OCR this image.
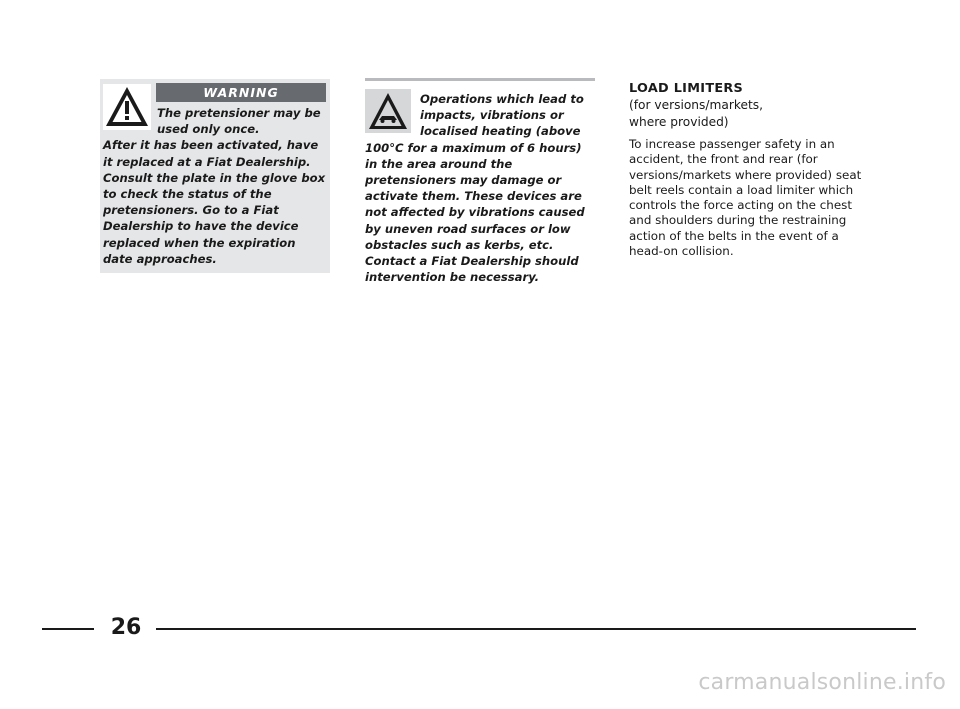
WARNING

The pretensioner may be used only once.
After it has been activated, have it replaced at a Fiat Dealership. Consult the plate in the glove box to check the status of the pretensioners. Go to a Fiat Dealership to have the device replaced when the expiration date approaches.

Operations which lead to impacts, vibrations or localised heating (above
100°C for a maximum of 6 hours) in the area around the pretensioners may damage or activate them. These devices are not affected by vibrations caused by uneven road surfaces or low obstacles such as kerbs, etc. Contact a Fiat Dealership should intervention be necessary.

LOAD LIMITERS

(for versions/markets,

where provided)

To increase passenger safety in an accident, the front and rear (for versions/markets where provided) seat belt reels contain a load limiter which controls the force acting on the chest and shoulders during the restraining action of the belts in the event of a head-on collision.

26
carmanualsonline.info
